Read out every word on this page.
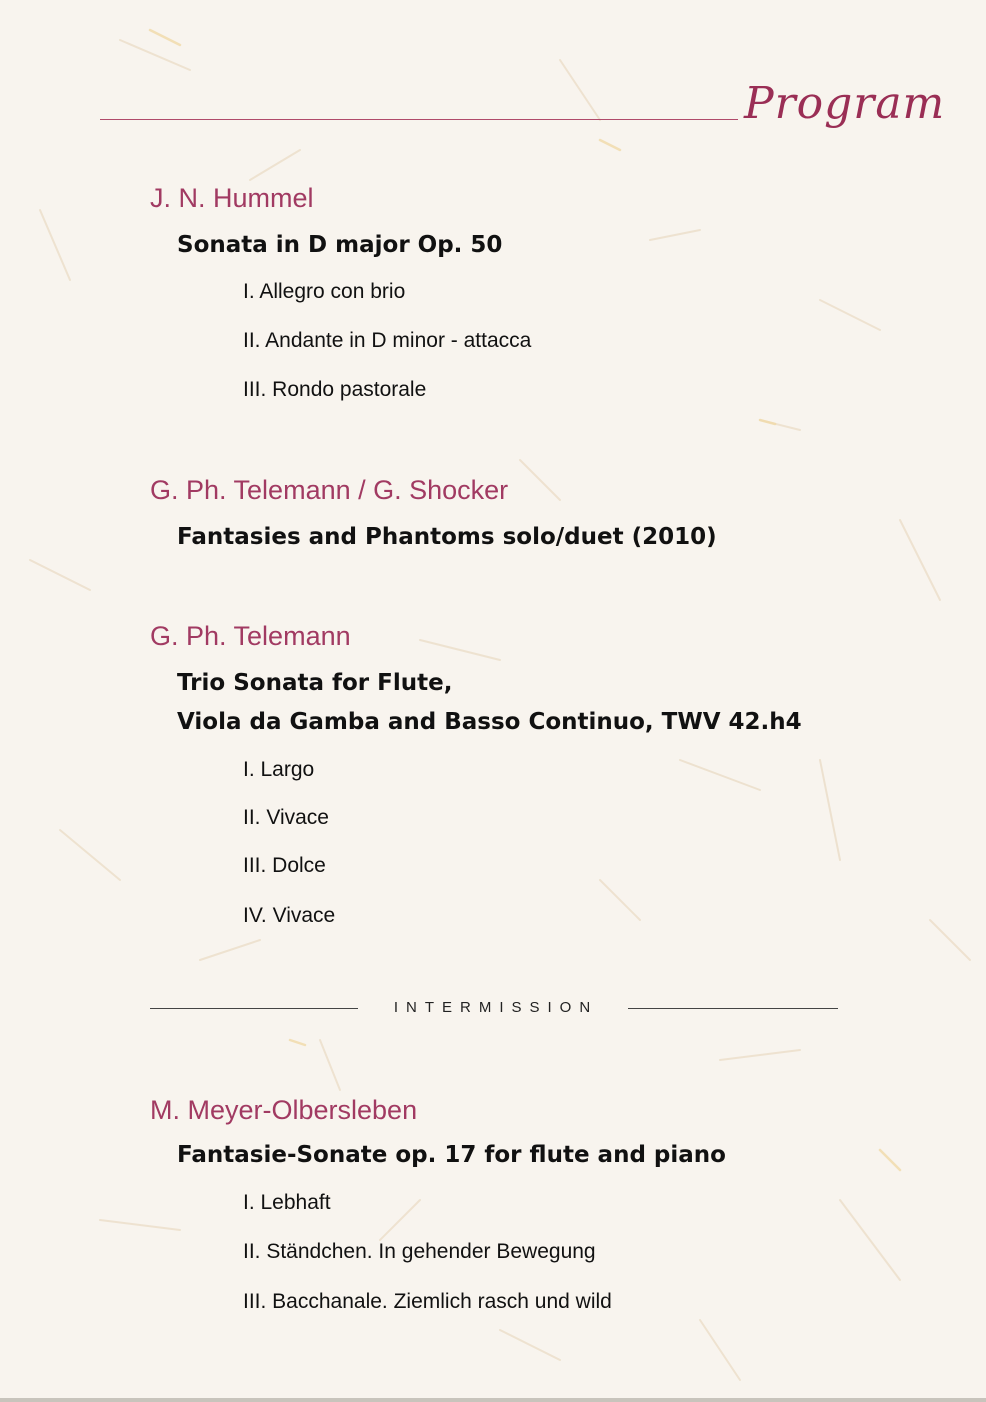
Program
J. N. Hummel
Sonata in D major Op. 50
I. Allegro con brio
II. Andante in D minor - attacca
III. Rondo pastorale
G. Ph. Telemann / G. Shocker
Fantasies and Phantoms solo/duet (2010)
G. Ph. Telemann
Trio Sonata for Flute,
Viola da Gamba and Basso Continuo, TWV 42.h4
I. Largo
II. Vivace
III. Dolce
IV. Vivace
INTERMISSION
M. Meyer-Olbersleben
Fantasie-Sonate op. 17 for flute and piano
I. Lebhaft
II. Ständchen. In gehender Bewegung
III. Bacchanale. Ziemlich rasch und wild
